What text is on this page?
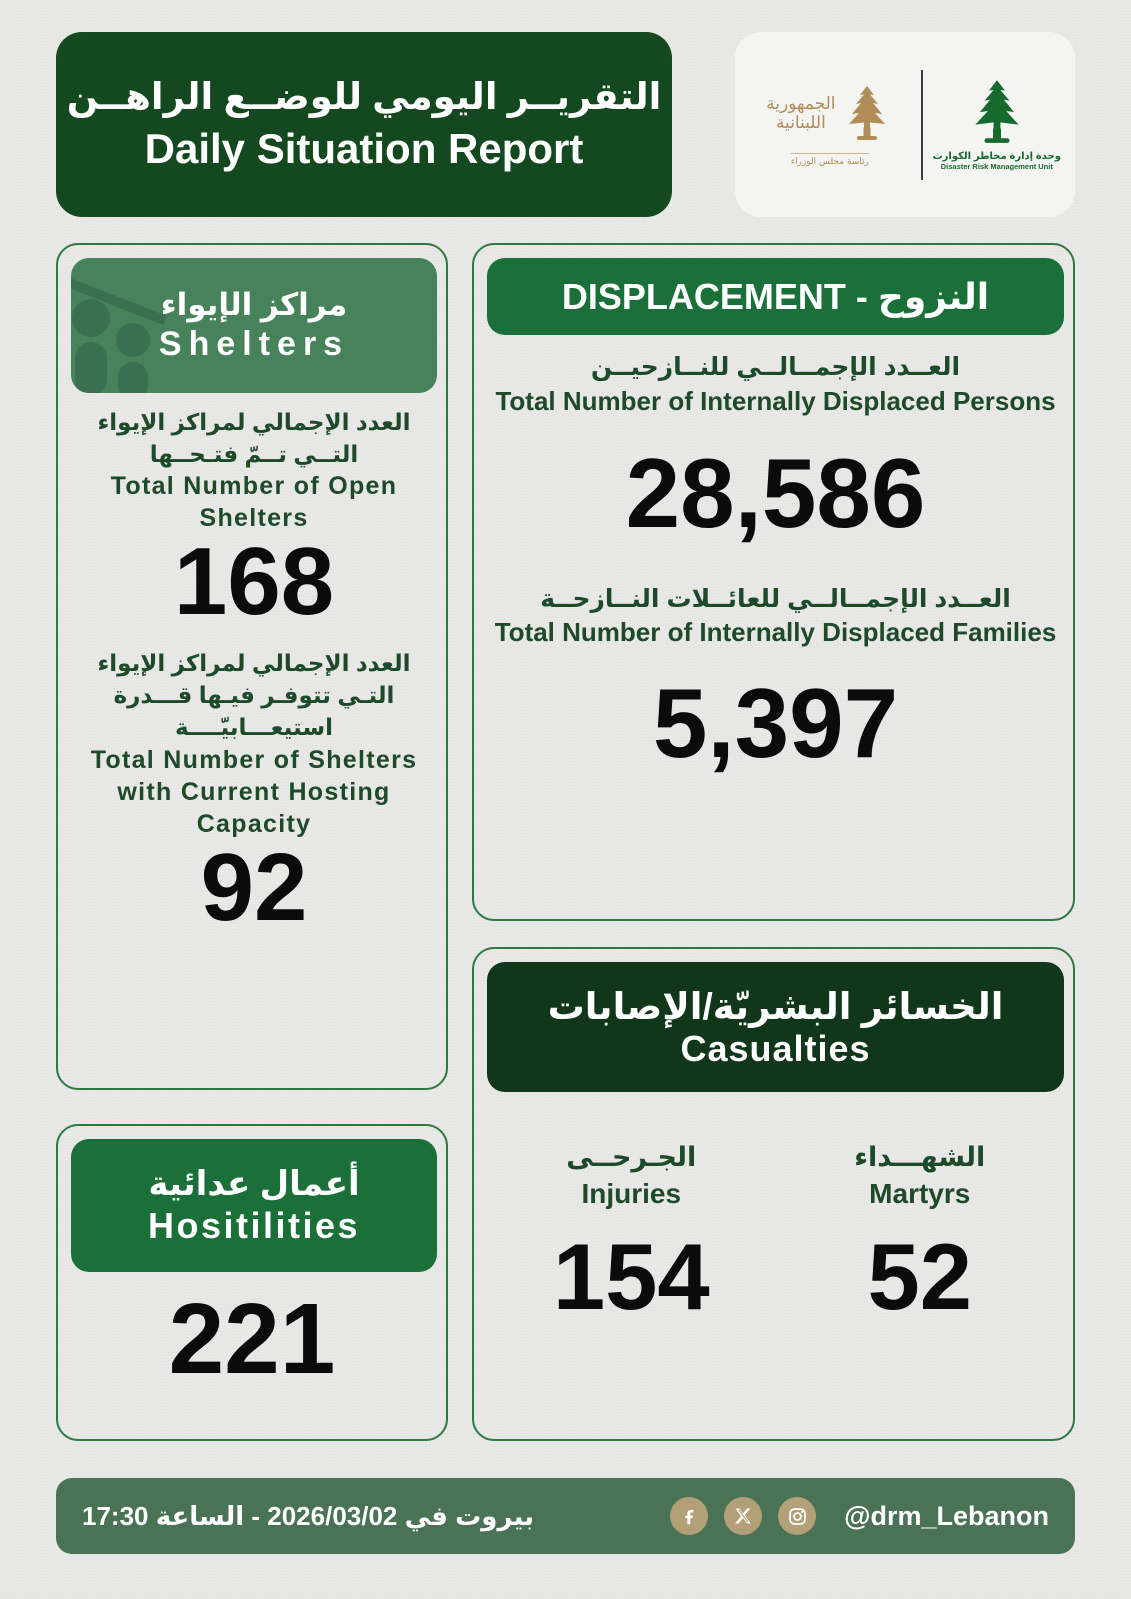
التقريــر اليومي للوضــع الراهــن
Daily Situation Report
الجمهورية
اللبنانية
رئاسة مجلس الوزراء	وحدة إدارة مخاطر الكوارث
Disaster Risk Management Unit
مراكز الإيواء
Shelters
العدد الإجمالي لمراكز الإيواء التــي تــمّ فتـحــها
Total Number of Open Shelters
168
العدد الإجمالي لمراكز الإيواء التـي تتوفـر فيـها قـــدرة استيعـــابيّــــة
Total Number of Shelters with Current Hosting Capacity
92
أعمال عدائية
Hositilities
221
النزوح - DISPLACEMENT
العــدد الإجمــالــي للنــازحيــن
Total Number of Internally Displaced Persons
28,586
العــدد الإجمــالــي للعائــلات النــازحــة
Total Number of Internally Displaced Families
5,397
الخسائر البشريّة/الإصابات
Casualties
الشهـــداء
Martyrs
52
الجـرحــى
Injuries
154
بيروت في 2026/03/02 - الساعة 17:30	@drm_Lebanon
